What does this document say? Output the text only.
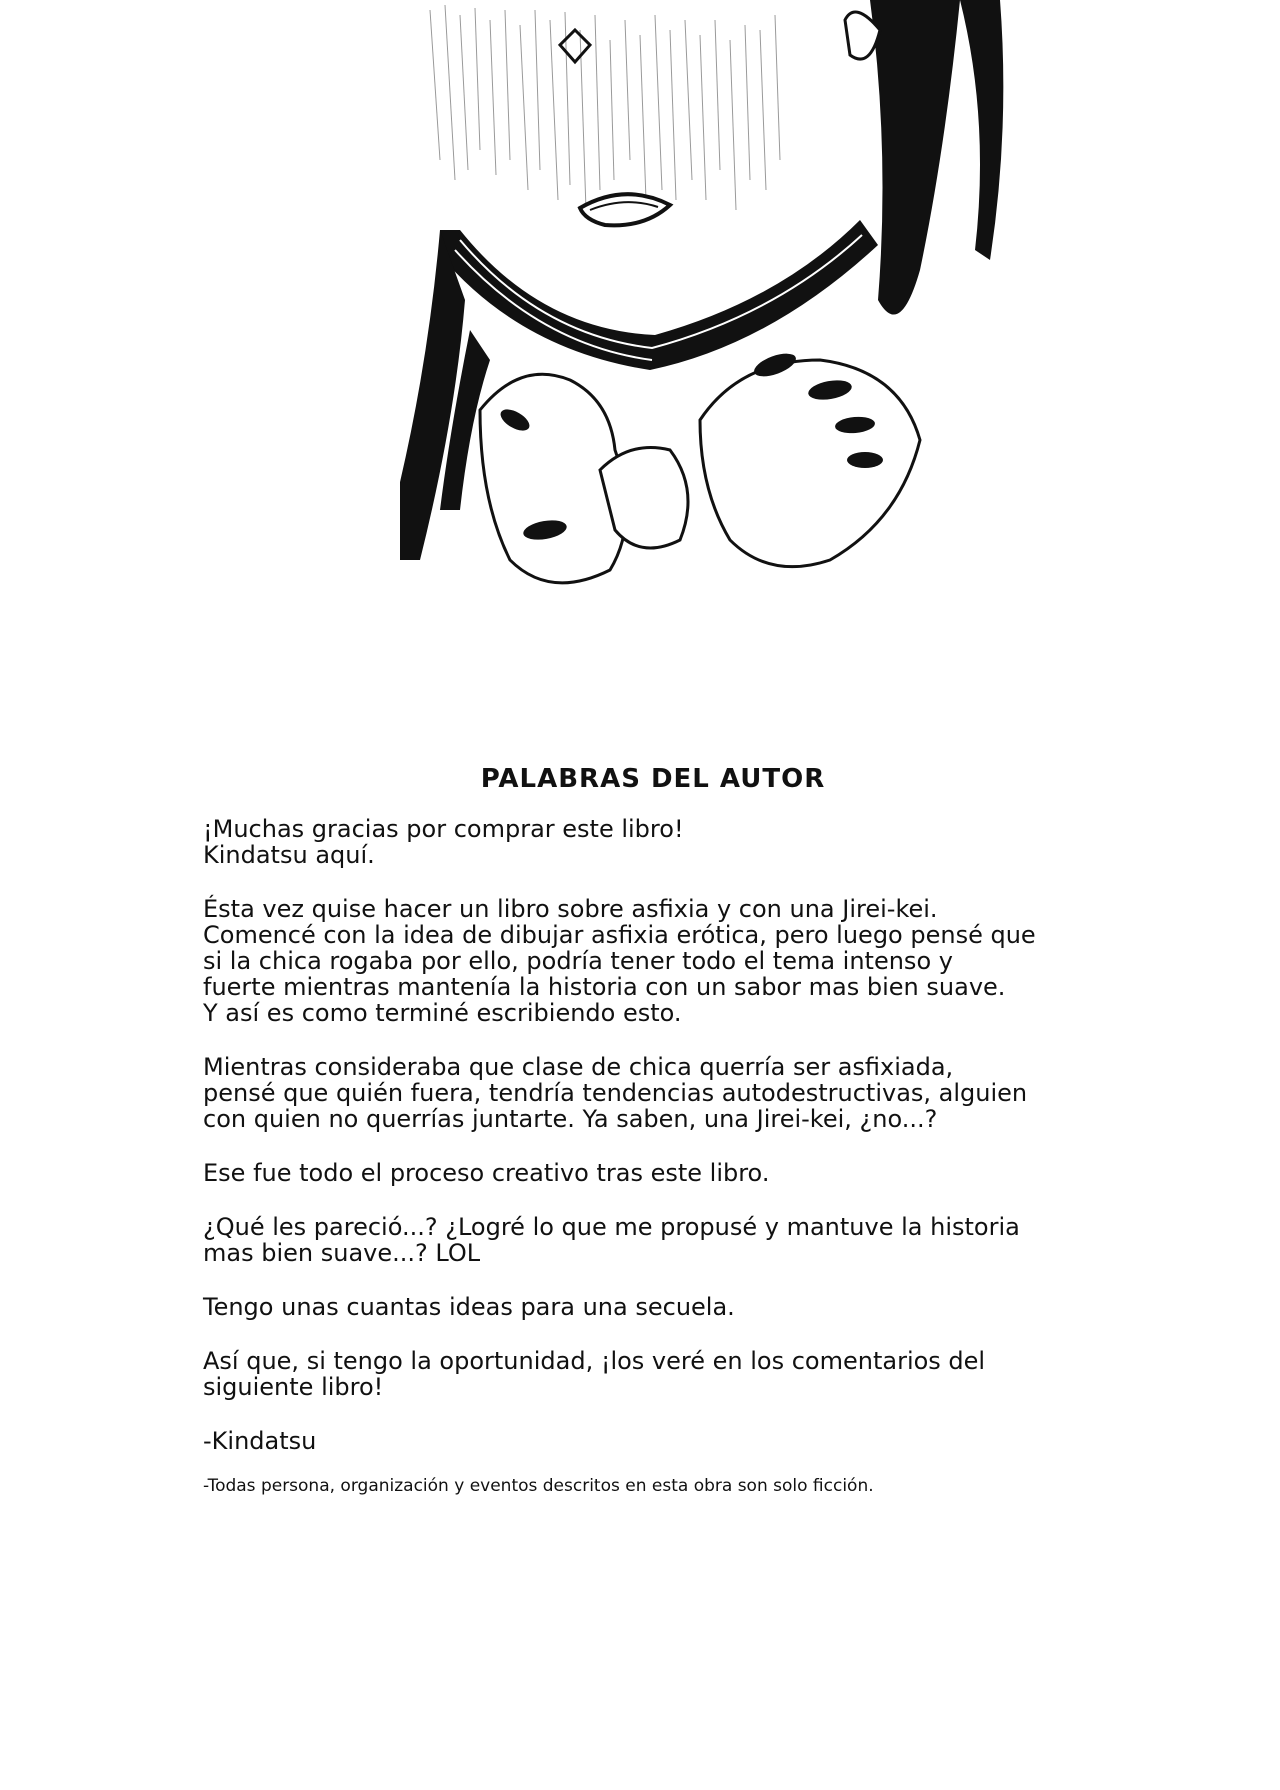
PALABRAS DEL AUTOR
¡Muchas gracias por comprar este libro!
Kindatsu aquí.
Ésta vez quise hacer un libro sobre asfixia y con una Jirei-kei.
Comencé con la idea de dibujar asfixia erótica, pero luego pensé que
si la chica rogaba por ello, podría tener todo el tema intenso y
fuerte mientras mantenía la historia con un sabor mas bien suave.
Y así es como terminé escribiendo esto.
Mientras consideraba que clase de chica querría ser asfixiada,
pensé que quién fuera, tendría tendencias autodestructivas, alguien
con quien no querrías juntarte. Ya saben, una Jirei-kei, ¿no...?
Ese fue todo el proceso creativo tras este libro.
¿Qué les pareció...? ¿Logré lo que me propusé y mantuve la historia
mas bien suave...? LOL
Tengo unas cuantas ideas para una secuela.
Así que, si tengo la oportunidad, ¡los veré en los comentarios del
siguiente libro!
-Kindatsu
-Todas persona, organización y eventos descritos en esta obra son solo ficción.
